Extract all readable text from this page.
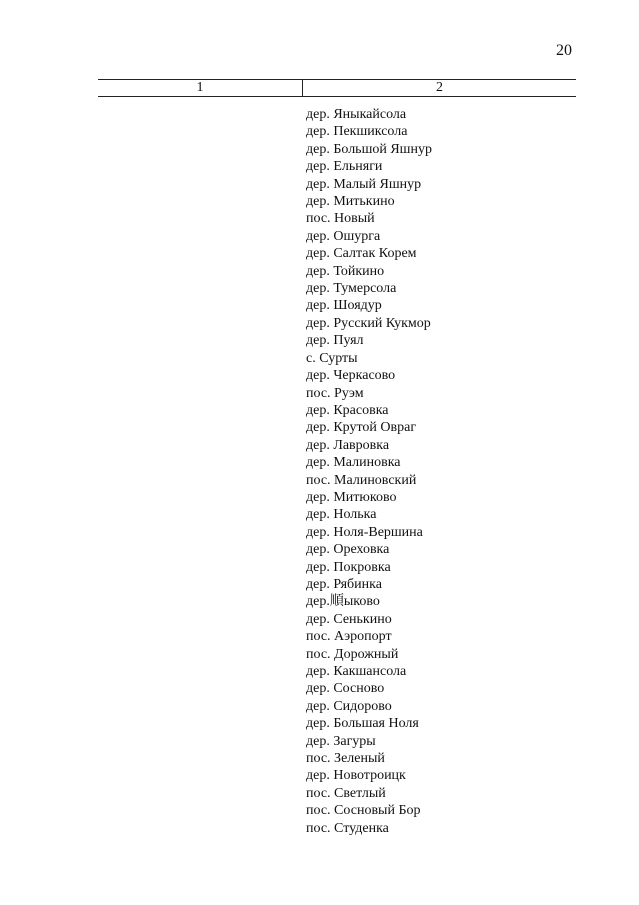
20
1	2
дер. Яныкайсола
дер. Пекшиксола
дер. Большой Яшнур
дер. Ельняги
дер. Малый Яшнур
дер. Митькино
пос. Новый
дер. Ошурга
дер. Салтак Корем
дер. Тойкино
дер. Тумерсола
дер. Шоядур
дер. Русский Кукмор
дер. Пуял
с. Сурты
дер. Черкасово
пос. Руэм
дер. Красовка
дер. Крутой Овраг
дер. Лавровка
дер. Малиновка
пос. Малиновский
дер. Митюково
дер. Нолька
дер. Ноля-Вершина
дер. Ореховка
дер. Покровка
дер. Рябинка
дер.順ыково
дер. Сенькино
пос. Аэропорт
пос. Дорожный
дер. Какшансола
дер. Сосново
дер. Сидорово
дер. Большая Ноля
дер. Загуры
пос. Зеленый
дер. Новотроицк
пос. Светлый
пос. Сосновый Бор
пос. Студенка
